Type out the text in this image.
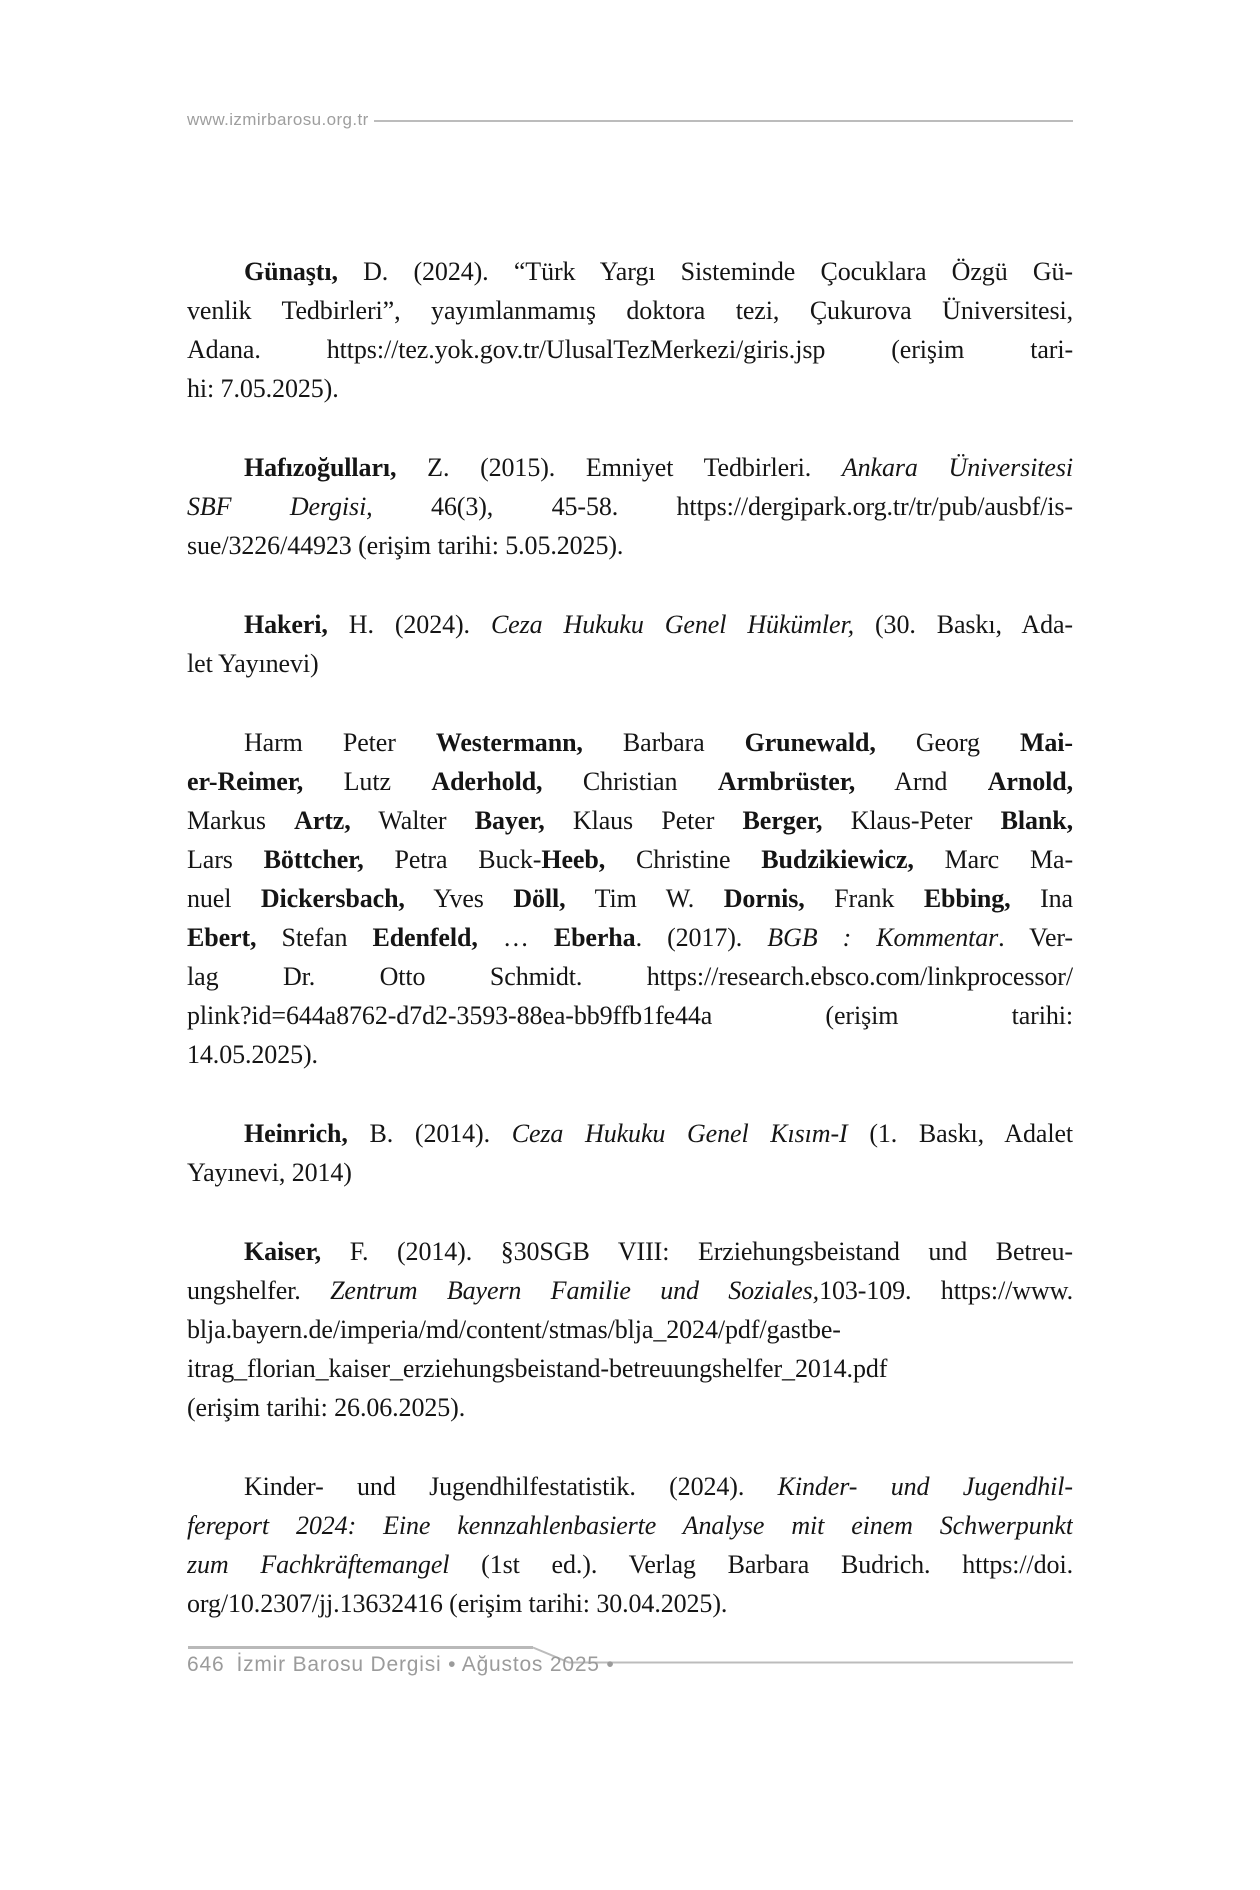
www.izmirbarosu.org.tr
Günaştı, D. (2024). “Türk Yargı Sisteminde Çocuklara Özgü Gü-
venlik Tedbirleri”, yayımlanmamış doktora tezi, Çukurova Üniversitesi,
Adana. https://tez.yok.gov.tr/UlusalTezMerkezi/giris.jsp (erişim tari-
hi: 7.05.2025).
Hafızoğulları, Z. (2015). Emniyet Tedbirleri. Ankara Üniversitesi
SBF Dergisi, 46(3), 45-58. https://dergipark.org.tr/tr/pub/ausbf/is-
sue/3226/44923 (erişim tarihi: 5.05.2025).
Hakeri, H. (2024). Ceza Hukuku Genel Hükümler, (30. Baskı, Ada-
let Yayınevi)
Harm Peter Westermann, Barbara Grunewald, Georg Mai-
er-Reimer, Lutz Aderhold, Christian Armbrüster, Arnd Arnold,
Markus Artz, Walter Bayer, Klaus Peter Berger, Klaus-Peter Blank,
Lars Böttcher, Petra Buck-Heeb, Christine Budzikiewicz, Marc Ma-
nuel Dickersbach, Yves Döll, Tim W. Dornis, Frank Ebbing, Ina
Ebert, Stefan Edenfeld, … Eberha. (2017). BGB : Kommentar. Ver-
lag Dr. Otto Schmidt. https://research.ebsco.com/linkprocessor/
plink?id=644a8762-d7d2-3593-88ea-bb9ffb1fe44a (erişim tarihi:
14.05.2025).
Heinrich, B. (2014). Ceza Hukuku Genel Kısım-I (1. Baskı, Adalet
Yayınevi, 2014)
Kaiser, F. (2014). §30SGB VIII: Erziehungsbeistand und Betreu-
ungshelfer. Zentrum Bayern Familie und Soziales,103-109. https://www.
blja.bayern.de/imperia/md/content/stmas/blja_2024/pdf/gastbe-
itrag_florian_kaiser_erziehungsbeistand-betreuungshelfer_2014.pdf
(erişim tarihi: 26.06.2025).
Kinder- und Jugendhilfestatistik. (2024). Kinder- und Jugendhil-
fereport 2024: Eine kennzahlenbasierte Analyse mit einem Schwerpunkt
zum Fachkräftemangel (1st ed.). Verlag Barbara Budrich. https://doi.
org/10.2307/jj.13632416 (erişim tarihi: 30.04.2025).
646 İzmir Barosu Dergisi • Ağustos 2025 •
